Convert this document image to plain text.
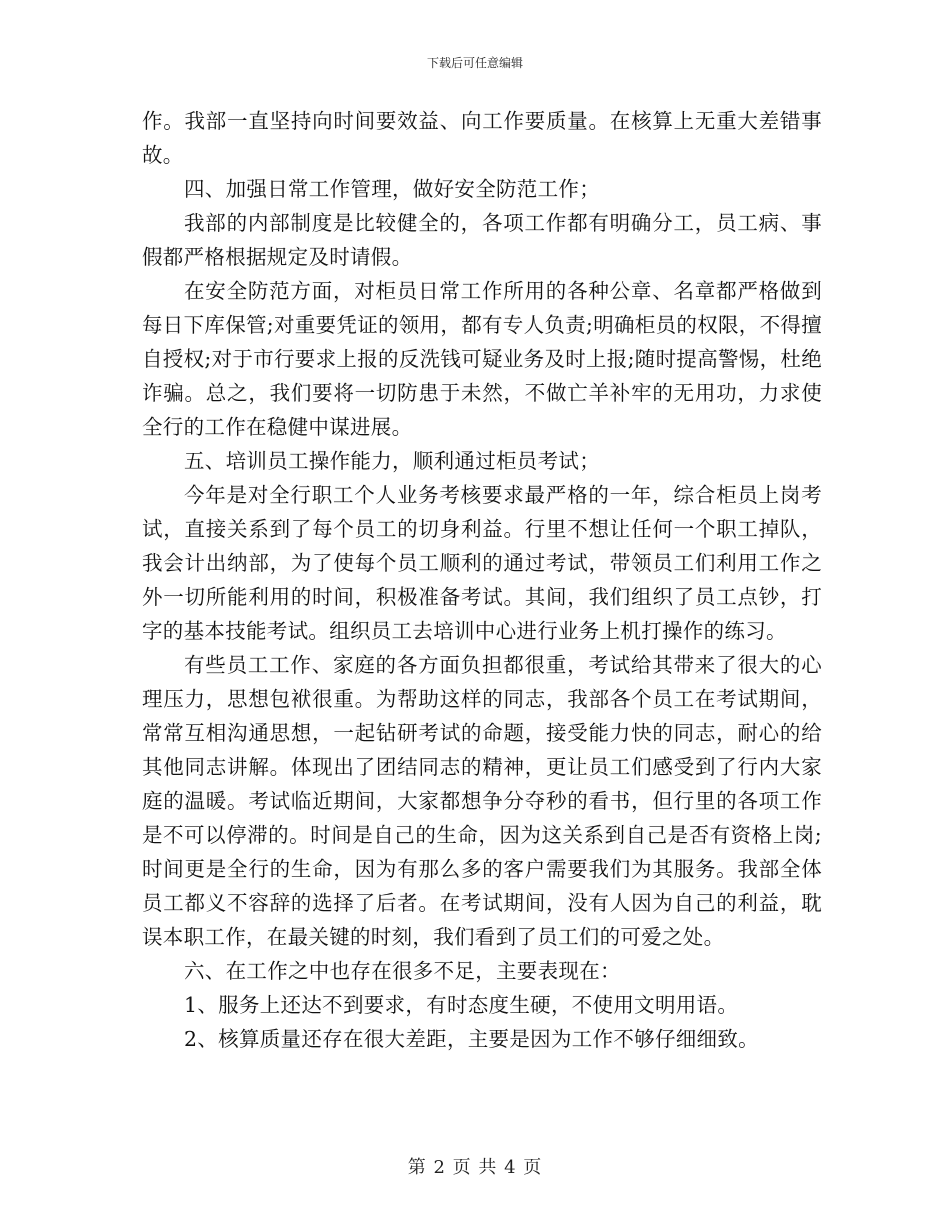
下载后可任意编辑

作。我部一直坚持向时间要效益、向工作要质量。在核算上无重大差错事故。

四、加强日常工作管理，做好安全防范工作；

我部的内部制度是比较健全的，各项工作都有明确分工，员工病、事假都严格根据规定及时请假。

在安全防范方面，对柜员日常工作所用的各种公章、名章都严格做到每日下库保管;对重要凭证的领用，都有专人负责;明确柜员的权限，不得擅自授权;对于市行要求上报的反洗钱可疑业务及时上报;随时提高警惕，杜绝诈骗。总之，我们要将一切防患于未然，不做亡羊补牢的无用功，力求使全行的工作在稳健中谋进展。

五、培训员工操作能力，顺利通过柜员考试；

今年是对全行职工个人业务考核要求最严格的一年，综合柜员上岗考试，直接关系到了每个员工的切身利益。行里不想让任何一个职工掉队，我会计出纳部，为了使每个员工顺利的通过考试，带领员工们利用工作之外一切所能利用的时间，积极准备考试。其间，我们组织了员工点钞，打字的基本技能考试。组织员工去培训中心进行业务上机打操作的练习。

有些员工工作、家庭的各方面负担都很重，考试给其带来了很大的心理压力，思想包袱很重。为帮助这样的同志，我部各个员工在考试期间，常常互相沟通思想，一起钻研考试的命题，接受能力快的同志，耐心的给其他同志讲解。体现出了团结同志的精神，更让员工们感受到了行内大家庭的温暖。考试临近期间，大家都想争分夺秒的看书，但行里的各项工作是不可以停滞的。时间是自己的生命，因为这关系到自己是否有资格上岗;时间更是全行的生命，因为有那么多的客户需要我们为其服务。我部全体员工都义不容辞的选择了后者。在考试期间，没有人因为自己的利益，耽误本职工作，在最关键的时刻，我们看到了员工们的可爱之处。

六、在工作之中也存在很多不足，主要表现在：

1、服务上还达不到要求，有时态度生硬，不使用文明用语。

2、核算质量还存在很大差距，主要是因为工作不够仔细细致。

第 2 页 共 4 页
